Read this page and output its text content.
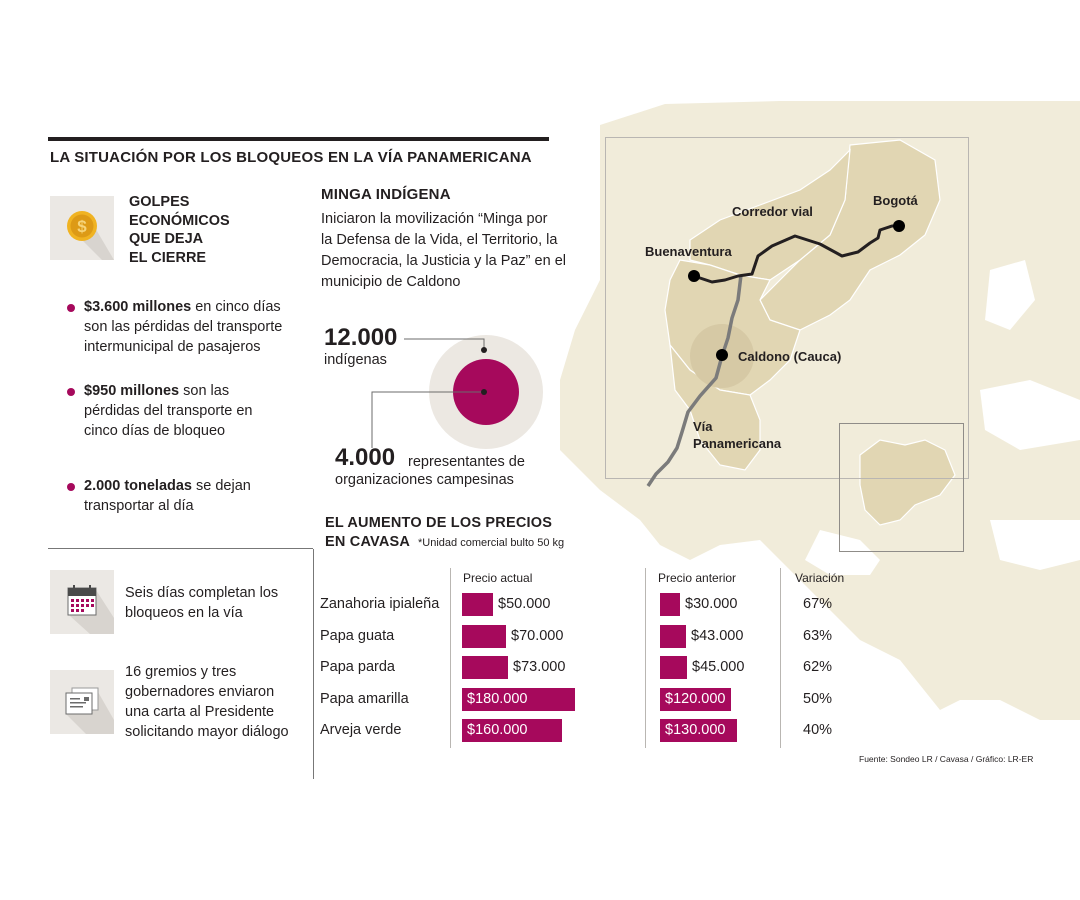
Bogotá
Corredor vial
Buenaventura
Caldono (Cauca)
Vía
Panamericana
LA SITUACIÓN POR LOS BLOQUEOS EN LA VÍA PANAMERICANA
$
GOLPES
ECONÓMICOS
QUE DEJA
EL CIERRE
$3.600 millones en cinco días
son las pérdidas del transporte
intermunicipal de pasajeros
$950 millones son las
pérdidas del transporte en
cinco días de bloqueo
2.000 toneladas se dejan
transportar al día
Seis días completan los
bloqueos en la vía
16 gremios y tres
gobernadores enviaron
una carta al Presidente
solicitando mayor diálogo
MINGA INDÍGENA
Iniciaron la movilización “Minga por
la Defensa de la Vida, el Territorio, la
Democracia, la Justicia y la Paz” en el
municipio de Caldono
12.000
indígenas
4.000 representantes de
organizaciones campesinas
EL AUMENTO DE LOS PRECIOS
EN CAVASA *Unidad comercial bulto 50 kg
Precio actual	Precio anterior	Variación
Zanahoria ipialeña	$50.000	$30.000	67%
Papa guata	$70.000	$43.000	63%
Papa parda	$73.000	$45.000	62%
Papa amarilla	$180.000	$120.000	50%
Arveja verde	$160.000	$130.000	40%
Fuente: Sondeo LR / Cavasa / Gráfico: LR-ER
